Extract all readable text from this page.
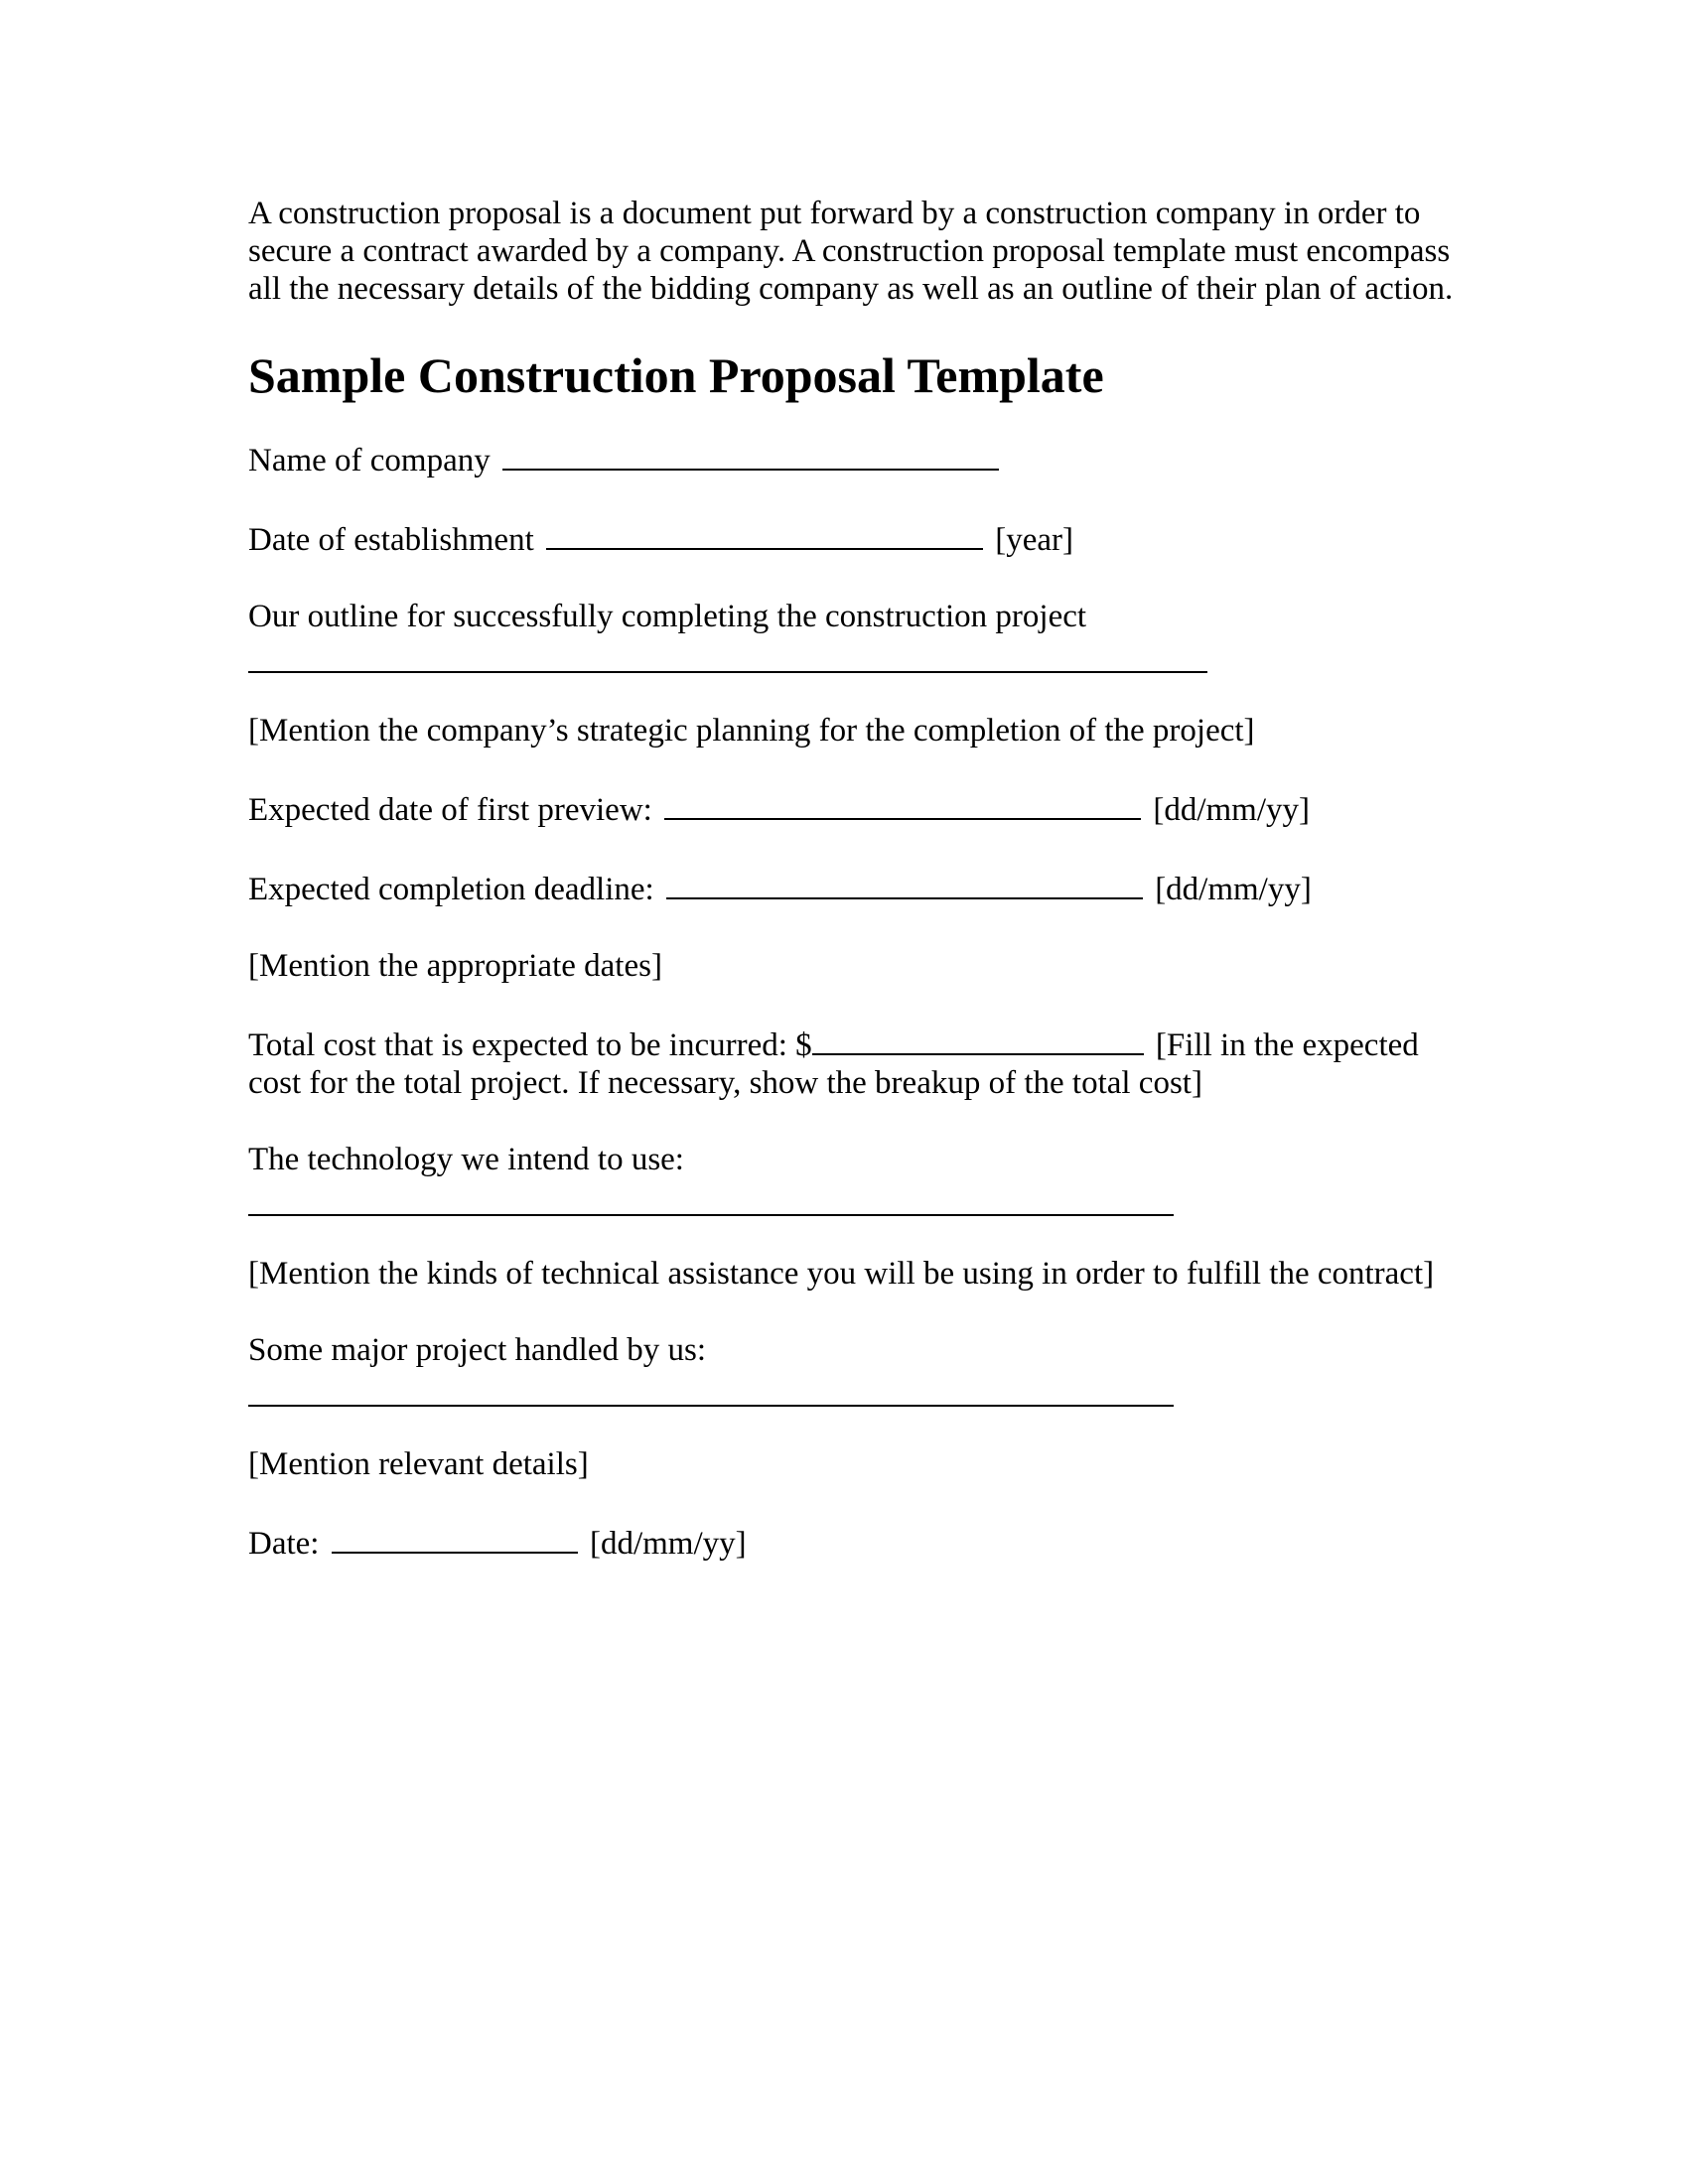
A construction proposal is a document put forward by a construction company in order to secure a contract awarded by a company. A construction proposal template must encompass all the necessary details of the bidding company as well as an outline of their plan of action.

Sample Construction Proposal Template

Name of company

Date of establishment	[year]

Our outline for successfully completing the construction project

[Mention the company’s strategic planning for the completion of the project]

Expected date of first preview:	[dd/mm/yy]

Expected completion deadline:	[dd/mm/yy]

[Mention the appropriate dates]

Total cost that is expected to be incurred: $	[Fill in the expected cost for the total project. If necessary, show the breakup of the total cost]

The technology we intend to use:

[Mention the kinds of technical assistance you will be using in order to fulfill the contract]

Some major project handled by us:

[Mention relevant details]

Date:	[dd/mm/yy]
